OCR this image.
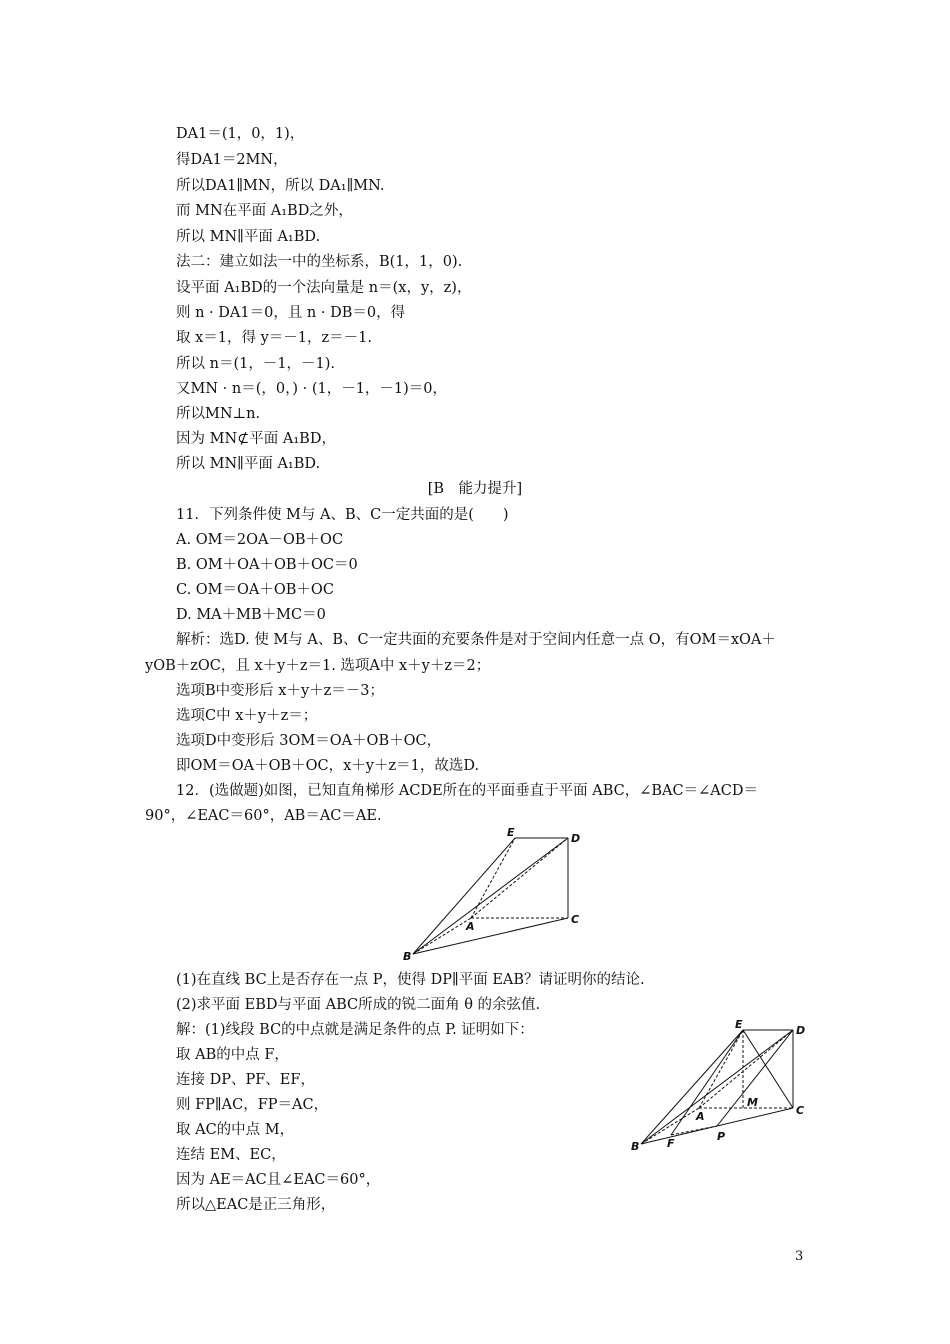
DA1＝(1，0，1)，
得DA1＝2MN，
所以DA1∥MN，所以 DA₁∥MN.
而 MN在平面 A₁BD之外，
所以 MN∥平面 A₁BD.
法二：建立如法一中的坐标系，B(1，1，0).
设平面 A₁BD的一个法向量是 n＝(x，y，z)，
则 n · DA1＝0，且 n · DB＝0，得
取 x＝1，得 y＝－1，z＝－1.
所以 n＝(1，－1，－1).
又MN · n＝(，0，) · (1，－1，－1)＝0，
所以MN⊥n.
因为 MN⊄平面 A₁BD，
所以 MN∥平面 A₁BD.
[B　能力提升]
11．下列条件使 M与 A、B、C一定共面的是(　　)
A. OM＝2OA－OB＋OC
B. OM＋OA＋OB＋OC＝0
C. OM＝OA＋OB＋OC
D. MA＋MB＋MC＝0
解析：选D. 使 M与 A、B、C一定共面的充要条件是对于空间内任意一点 O，有OM＝xOA＋
yOB＋zOC，且 x＋y＋z＝1. 选项A中 x＋y＋z＝2；
选项B中变形后 x＋y＋z＝－3；
选项C中 x＋y＋z＝；
选项D中变形后 3OM＝OA＋OB＋OC，
即OM＝OA＋OB＋OC，x＋y＋z＝1，故选D.
12．(选做题)如图，已知直角梯形 ACDE所在的平面垂直于平面 ABC，∠BAC＝∠ACD＝
90°，∠EAC＝60°，AB＝AC＝AE.
E	D
A
C
B
(1)在直线 BC上是否存在一点 P，使得 DP∥平面 EAB？请证明你的结论.
(2)求平面 EBD与平面 ABC所成的锐二面角 θ 的余弦值.
解：(1)线段 BC的中点就是满足条件的点 P. 证明如下：
取 AB的中点 F，
连接 DP、PF、EF，
则 FP∥AC，FP＝AC，
取 AC的中点 M，
连结 EM、EC，
因为 AE＝AC且∠EAC＝60°，
所以△EAC是正三角形，
E	D
A	C
B
M
F
P
3
